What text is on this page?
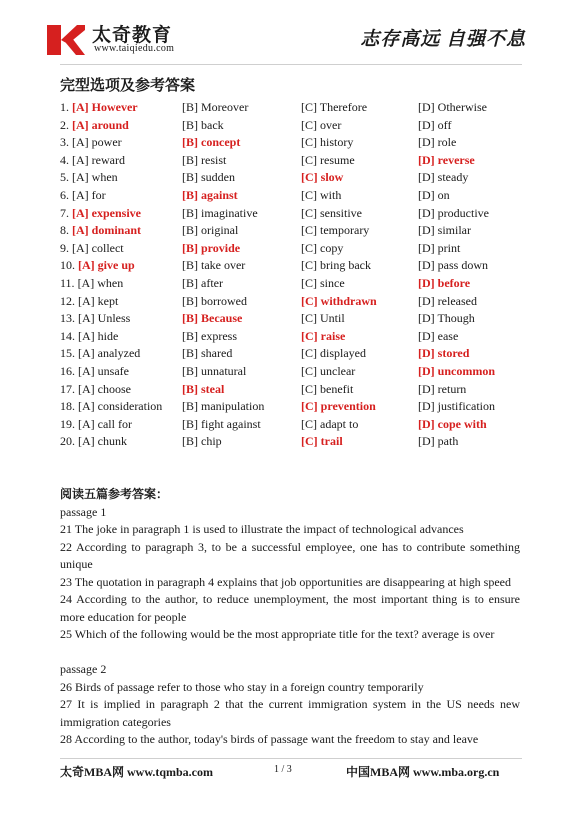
太奇教育
www.taiqiedu.com	志存高远 自强不息
完型选项及参考答案
1. [A] However	[B] Moreover	[C] Therefore	[D] Otherwise
2. [A] around	[B] back	[C] over	[D] off
3. [A] power	[B] concept	[C] history	[D] role
4. [A] reward	[B] resist	[C] resume	[D] reverse
5. [A] when	[B] sudden	[C] slow	[D] steady
6. [A] for	[B] against	[C] with	[D] on
7. [A] expensive	[B] imaginative	[C] sensitive	[D] productive
8. [A] dominant	[B] original	[C] temporary	[D] similar
9. [A] collect	[B] provide	[C] copy	[D] print
10. [A] give up	[B] take over	[C] bring back	[D] pass down
11. [A] when	[B] after	[C] since	[D] before
12. [A] kept	[B] borrowed	[C] withdrawn	[D] released
13. [A] Unless	[B] Because	[C] Until	[D] Though
14. [A] hide	[B] express	[C] raise	[D] ease
15. [A] analyzed	[B] shared	[C] displayed	[D] stored
16. [A] unsafe	[B] unnatural	[C] unclear	[D] uncommon
17. [A] choose	[B] steal	[C] benefit	[D] return
18. [A] consideration [B] manipulation	[C] prevention	[D] justification
19. [A] call for	[B] fight against	[C] adapt to	[D] cope with
20. [A] chunk	[B] chip	[C] trail	[D] path
阅读五篇参考答案：

passage 1

21 The joke in paragraph 1 is used to illustrate the impact of technological advances

22 According to paragraph 3, to be a successful employee, one has to contribute something unique

23 The quotation in paragraph 4 explains that job opportunities are disappearing at high speed

24 According to the author, to reduce unemployment, the most important thing is to ensure more education for people

25 Which of the following would be the most appropriate title for the text? average is over

passage 2

26 Birds of passage refer to those who stay in a foreign country temporarily

27 It is implied in paragraph 2 that the current immigration system in the US needs new immigration categories

28 According to the author, today's birds of passage want the freedom to stay and leave

太奇MBA网 www.tqmba.com	1 / 3	中国MBA网 www.mba.org.cn
